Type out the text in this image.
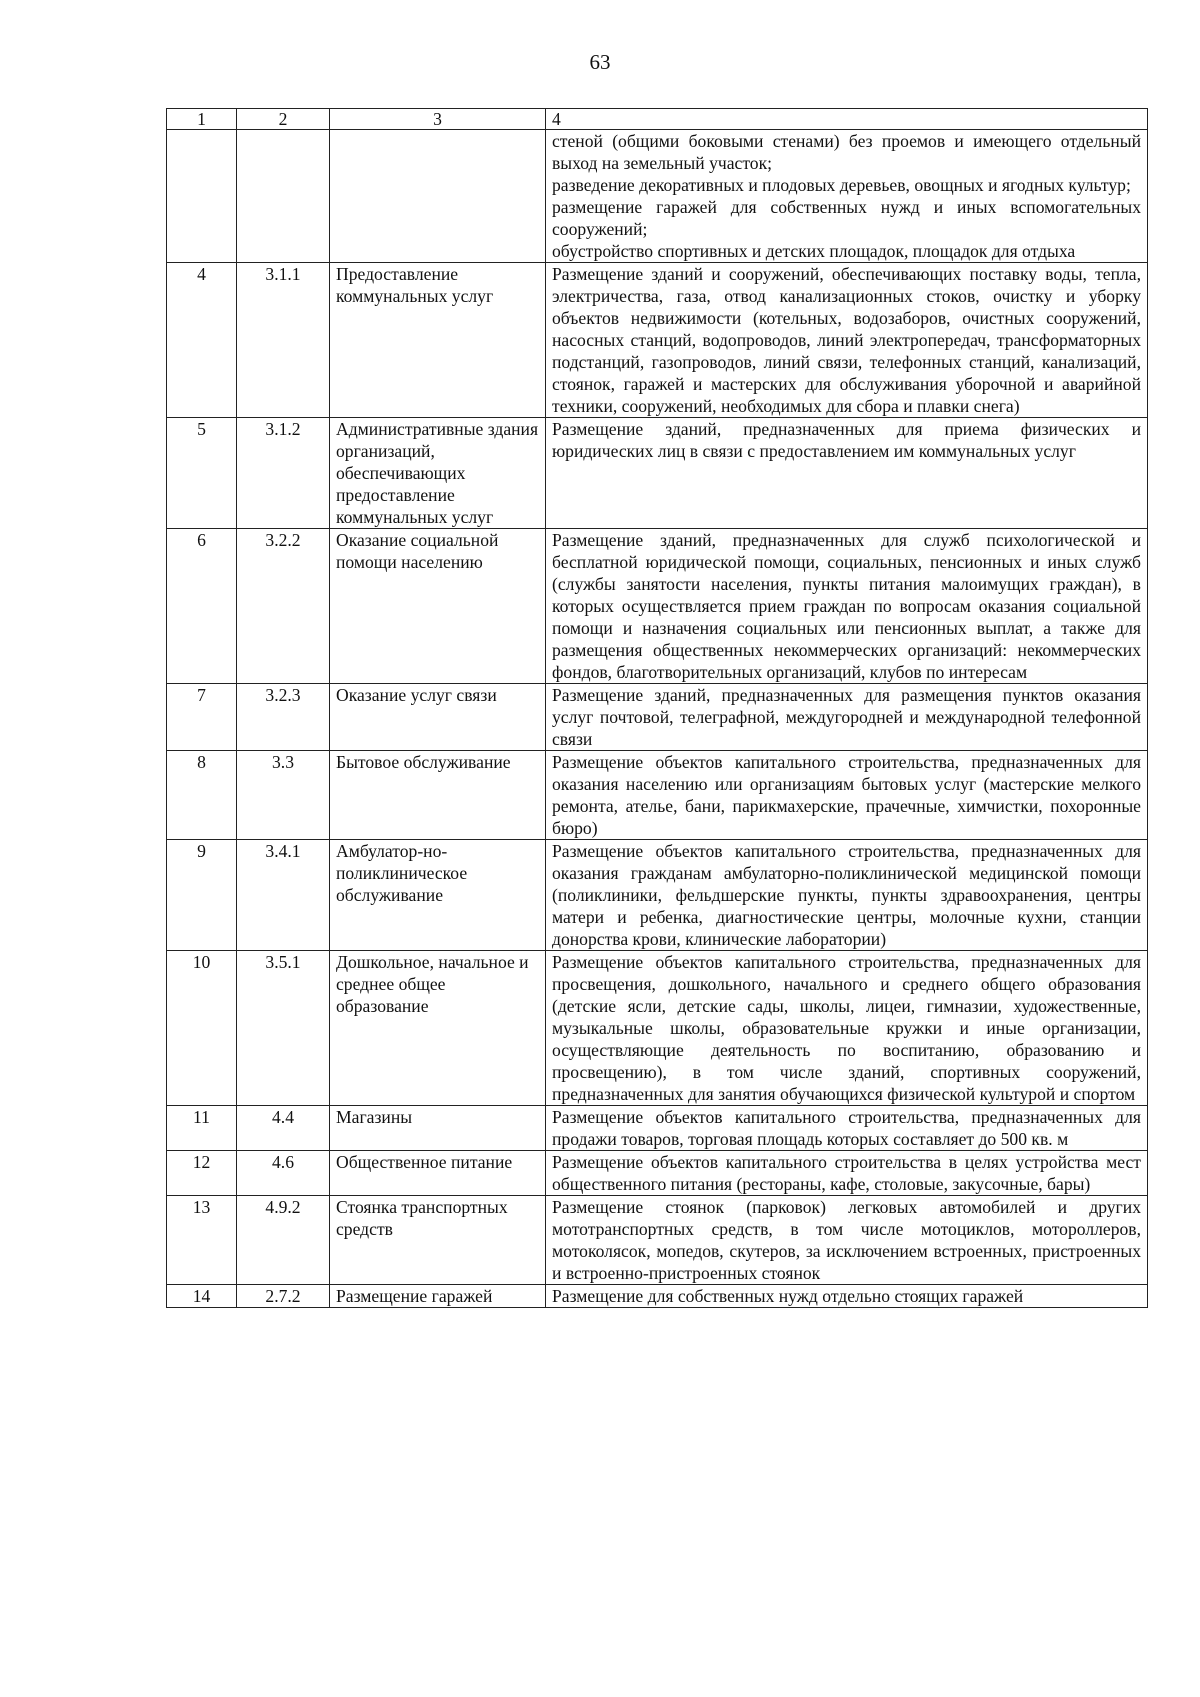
63
1	2	3	4

			стеной (общими боковыми стенами) без проемов и имеющего отдельный выход на земельный участок;
разведение декоративных и плодовых деревьев, овощных и ягодных культур;
размещение гаражей для собственных нужд и иных вспомогательных сооружений;
обустройство спортивных и детских площадок, площадок для отдыха

4	3.1.1	Предоставление коммунальных услуг	Размещение зданий и сооружений, обеспечивающих поставку воды, тепла, электричества, газа, отвод канализационных стоков, очистку и уборку объектов недвижимости (котельных, водозаборов, очистных сооружений, насосных станций, водопроводов, линий электропередач, трансформаторных подстанций, газопроводов, линий связи, телефонных станций, канализаций, стоянок, гаражей и мастерских для обслуживания уборочной и аварийной техники, сооружений, необходимых для сбора и плавки снега)
5	3.1.2	Административные здания организаций, обеспечивающих предоставление коммунальных услуг	Размещение зданий, предназначенных для приема физических и юридических лиц в связи с предоставлением им коммунальных услуг
6	3.2.2	Оказание социальной помощи населению	Размещение зданий, предназначенных для служб психологической и бесплатной юридической помощи, социальных, пенсионных и иных служб (службы занятости населения, пункты питания малоимущих граждан), в которых осуществляется прием граждан по вопросам оказания социальной помощи и назначения социальных или пенсионных выплат, а также для размещения общественных некоммерческих организаций: некоммерческих фондов, благотворительных организаций, клубов по интересам
7	3.2.3	Оказание услуг связи	Размещение зданий, предназначенных для размещения пунктов оказания услуг почтовой, телеграфной, междугородней и международной телефонной связи
8	3.3	Бытовое обслуживание	Размещение объектов капитального строительства, предназначенных для оказания населению или организациям бытовых услуг (мастерские мелкого ремонта, ателье, бани, парикмахерские, прачечные, химчистки, похоронные бюро)
9	3.4.1	Амбулатор-но-поликлиническое обслуживание	Размещение объектов капитального строительства, предназначенных для оказания гражданам амбулаторно-поликлинической медицинской помощи (поликлиники, фельдшерские пункты, пункты здравоохранения, центры матери и ребенка, диагностические центры, молочные кухни, станции донорства крови, клинические лаборатории)
10	3.5.1	Дошкольное, начальное и среднее общее образование	Размещение объектов капитального строительства, предназначенных для просвещения, дошкольного, начального и среднего общего образования (детские ясли, детские сады, школы, лицеи, гимназии, художественные, музыкальные школы, образовательные кружки и иные организации, осуществляющие деятельность по воспитанию, образованию и просвещению), в том числе зданий, спортивных сооружений, предназначенных для занятия обучающихся физической культурой и спортом
11	4.4	Магазины	Размещение объектов капитального строительства, предназначенных для продажи товаров, торговая площадь которых составляет до 500 кв. м
12	4.6	Общественное питание	Размещение объектов капитального строительства в целях устройства мест общественного питания (рестораны, кафе, столовые, закусочные, бары)
13	4.9.2	Стоянка транспортных средств	Размещение стоянок (парковок) легковых автомобилей и других мототранспортных средств, в том числе мотоциклов, мотороллеров, мотоколясок, мопедов, скутеров, за исключением встроенных, пристроенных и встроенно-пристроенных стоянок
14	2.7.2	Размещение гаражей	Размещение для собственных нужд отдельно стоящих гаражей
